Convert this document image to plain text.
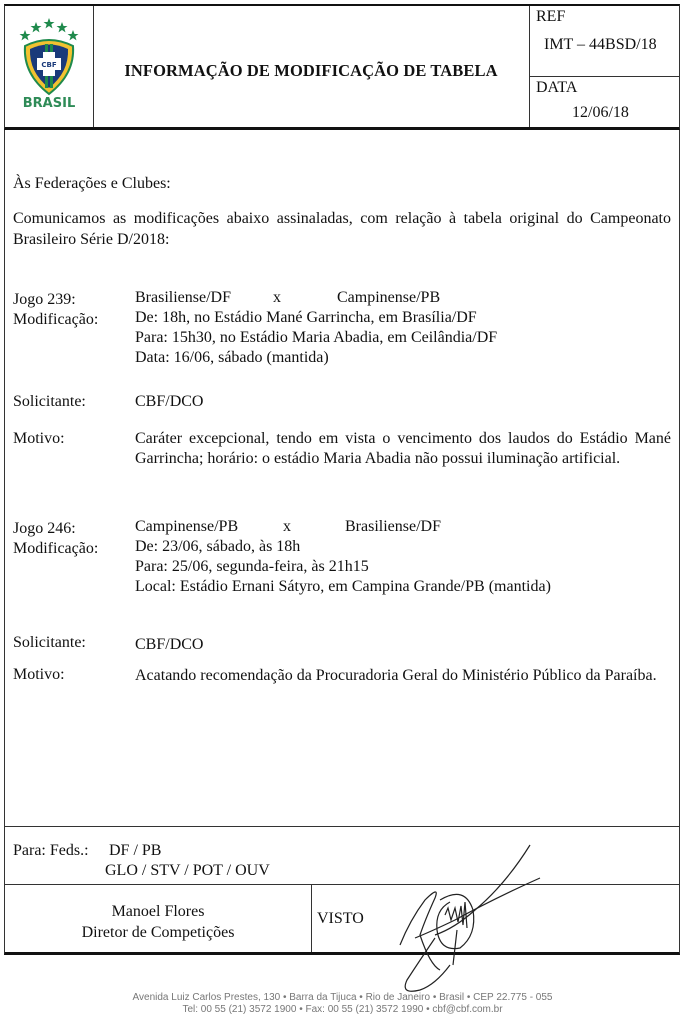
CBF
BRASIL
INFORMAÇÃO DE MODIFICAÇÃO DE TABELA
REF
IMT – 44BSD/18
DATA
12/06/18
Às Federações e Clubes:
Comunicamos as modificações abaixo assinaladas, com relação à tabela original do Campeonato Brasileiro Série D/2018:
Jogo 239:
Modificação:
Brasiliense/DF	x	Campinense/PB
De: 18h, no Estádio Mané Garrincha, em Brasília/DF
Para: 15h30, no Estádio Maria Abadia, em Ceilândia/DF
Data: 16/06, sábado (mantida)
Solicitante:	CBF/DCO
Motivo:	Caráter excepcional, tendo em vista o vencimento dos laudos do Estádio Mané Garrincha; horário: o estádio Maria Abadia não possui iluminação artificial.
Jogo 246:
Modificação:
Campinense/PB	x	Brasiliense/DF
De: 23/06, sábado, às 18h
Para: 25/06, segunda-feira, às 21h15
Local: Estádio Ernani Sátyro, em Campina Grande/PB (mantida)
Solicitante:	CBF/DCO
Motivo:	Acatando recomendação da Procuradoria Geral do Ministério Público da Paraíba.
Para: Feds.: DF / PB
GLO / STV / POT / OUV
Manoel Flores
Diretor de Competições
VISTO
Avenida Luiz Carlos Prestes, 130 • Barra da Tijuca • Rio de Janeiro • Brasil • CEP 22.775 - 055
Tel: 00 55 (21) 3572 1900 • Fax: 00 55 (21) 3572 1990 • cbf@cbf.com.br
